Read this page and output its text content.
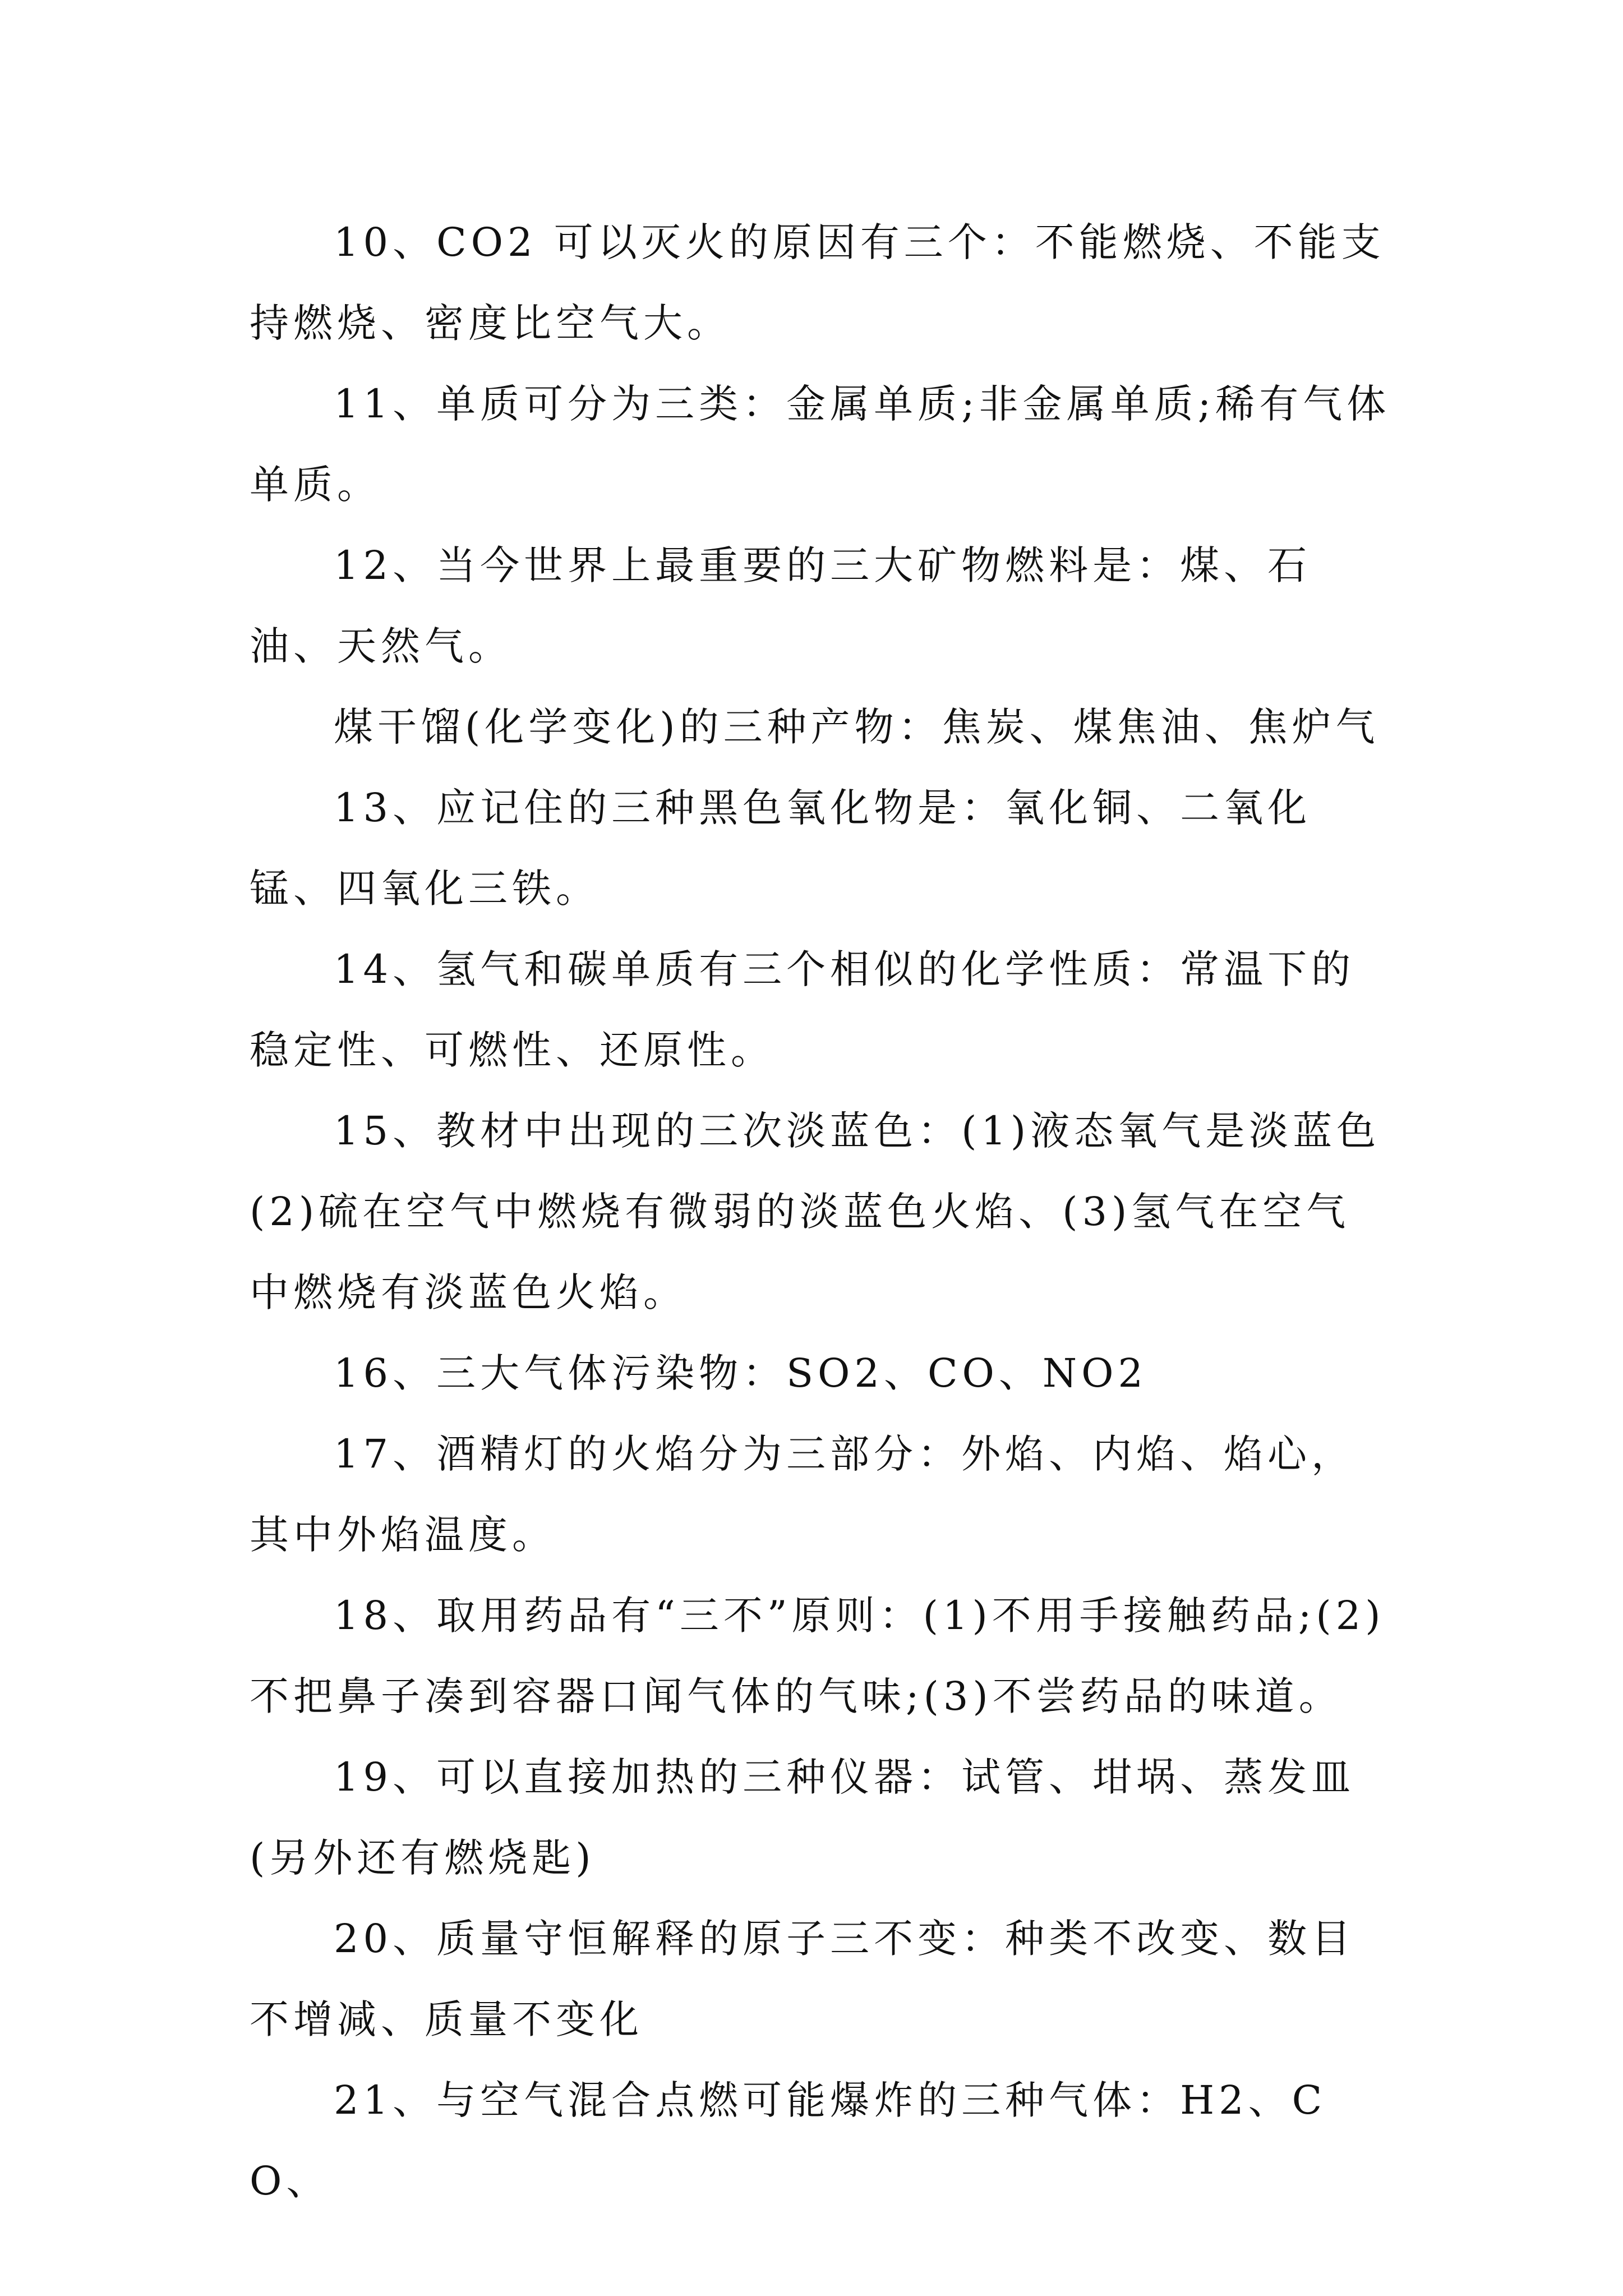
10、CO2 可以灭火的原因有三个：不能燃烧、不能支持燃烧、密度比空气大。

11、单质可分为三类：金属单质;非金属单质;稀有气体单质。

12、当今世界上最重要的三大矿物燃料是：煤、石油、天然气。

煤干馏(化学变化)的三种产物：焦炭、煤焦油、焦炉气

13、应记住的三种黑色氧化物是：氧化铜、二氧化锰、四氧化三铁。

14、氢气和碳单质有三个相似的化学性质：常温下的稳定性、可燃性、还原性。

15、教材中出现的三次淡蓝色：(1)液态氧气是淡蓝色(2)硫在空气中燃烧有微弱的淡蓝色火焰、(3)氢气在空气中燃烧有淡蓝色火焰。

16、三大气体污染物：SO2、CO、NO2

17、酒精灯的火焰分为三部分：外焰、内焰、焰心，其中外焰温度。

18、取用药品有“三不”原则：(1)不用手接触药品;(2)不把鼻子凑到容器口闻气体的气味;(3)不尝药品的味道。

19、可以直接加热的三种仪器：试管、坩埚、蒸发皿(另外还有燃烧匙)

20、质量守恒解释的原子三不变：种类不改变、数目不增减、质量不变化

21、与空气混合点燃可能爆炸的三种气体：H2、CO、
